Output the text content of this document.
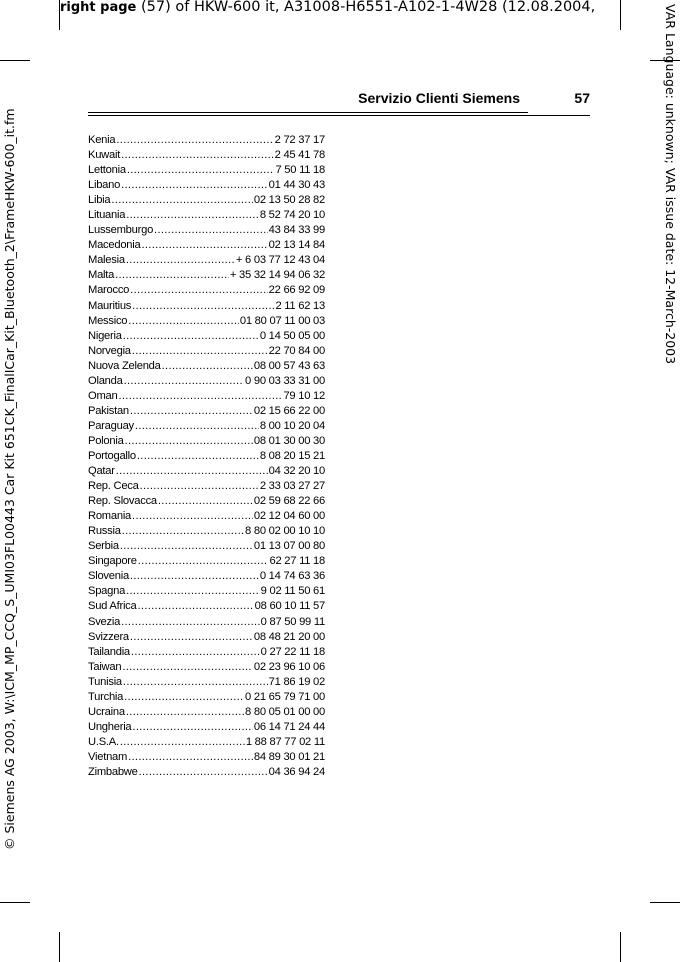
right page (57) of HKW-600 it, A31008-H6551-A102-1-4W28 (12.08.2004,
© Siemens AG 2003, W:\ICM_MP_CCQ_S_UMI03FL00443 Car Kit 651CK_FinalICar_Kit_Bluetooth_2\FrameHKW-600_it.fm	VAR Language: unknown; VAR issue date: 12-March-2003
Servizio Clienti Siemens	57
Kenia .....	2 72 37 17
Kuwait .....	2 45 41 78
Lettonia .....	7 50 11 18
Libano .....	01 44 30 43
Libia .....	02 13 50 28 82
Lituania .....	8 52 74 20 10
Lussemburgo .....	43 84 33 99
Macedonia .....	02 13 14 84
Malesia .....	+ 6 03 77 12 43 04
Malta .....	+ 35 32 14 94 06 32
Marocco .....	22 66 92 09
Mauritius .....	2 11 62 13
Messico .....	01 80 07 11 00 03
Nigeria .....	0 14 50 05 00
Norvegia .....	22 70 84 00
Nuova Zelenda .....	08 00 57 43 63
Olanda .....	0 90 03 33 31 00
Oman .....	79 10 12
Pakistan .....	02 15 66 22 00
Paraguay .....	8 00 10 20 04
Polonia .....	08 01 30 00 30
Portogallo .....	8 08 20 15 21
Qatar .....	04 32 20 10
Rep. Ceca .....	2 33 03 27 27
Rep. Slovacca .....	02 59 68 22 66
Romania .....	02 12 04 60 00
Russia .....	8 80 02 00 10 10
Serbia .....	01 13 07 00 80
Singapore .....	62 27 11 18
Slovenia .....	0 14 74 63 36
Spagna .....	9 02 11 50 61
Sud Africa .....	08 60 10 11 57
Svezia .....	0 87 50 99 11
Svizzera .....	08 48 21 20 00
Tailandia .....	0 27 22 11 18
Taiwan .....	02 23 96 10 06
Tunisia .....	71 86 19 02
Turchia .....	0 21 65 79 71 00
Ucraina .....	8 80 05 01 00 00
Ungheria .....	06 14 71 24 44
U.S.A. .....	1 88 87 77 02 11
Vietnam .....	84 89 30 01 21
Zimbabwe .....	04 36 94 24
